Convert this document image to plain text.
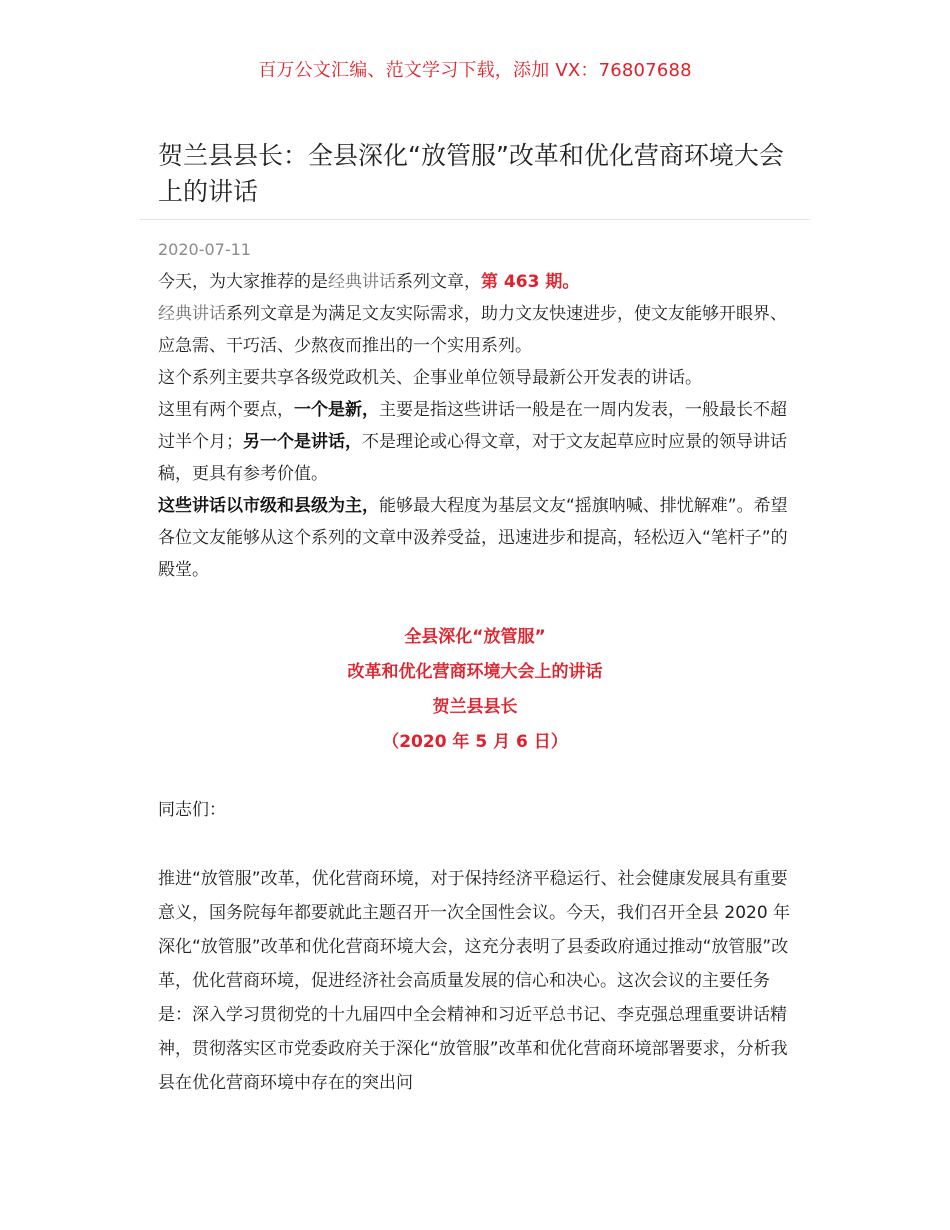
百万公文汇编、范文学习下载，添加 VX：76807688
贺兰县县长：全县深化“放管服”改革和优化营商环境大会上的讲话
2020-07-11

今天，为大家推荐的是经典讲话系列文章，第 463 期。

经典讲话系列文章是为满足文友实际需求，助力文友快速进步，使文友能够开眼界、应急需、干巧活、少熬夜而推出的一个实用系列。

这个系列主要共享各级党政机关、企事业单位领导最新公开发表的讲话。

这里有两个要点，一个是新，主要是指这些讲话一般是在一周内发表，一般最长不超过半个月；另一个是讲话，不是理论或心得文章，对于文友起草应时应景的领导讲话稿，更具有参考价值。

这些讲话以市级和县级为主，能够最大程度为基层文友“摇旗呐喊、排忧解难”。希望各位文友能够从这个系列的文章中汲养受益，迅速进步和提高，轻松迈入“笔杆子”的殿堂。

全县深化“放管服”
改革和优化营商环境大会上的讲话
贺兰县县长
（2020 年 5 月 6 日）
同志们：

推进“放管服”改革，优化营商环境，对于保持经济平稳运行、社会健康发展具有重要意义，国务院每年都要就此主题召开一次全国性会议。今天，我们召开全县 2020 年深化“放管服”改革和优化营商环境大会，这充分表明了县委政府通过推动“放管服”改革，优化营商环境，促进经济社会高质量发展的信心和决心。这次会议的主要任务是：深入学习贯彻党的十九届四中全会精神和习近平总书记、李克强总理重要讲话精神，贯彻落实区市党委政府关于深化“放管服”改革和优化营商环境部署要求，分析我县在优化营商环境中存在的突出问
